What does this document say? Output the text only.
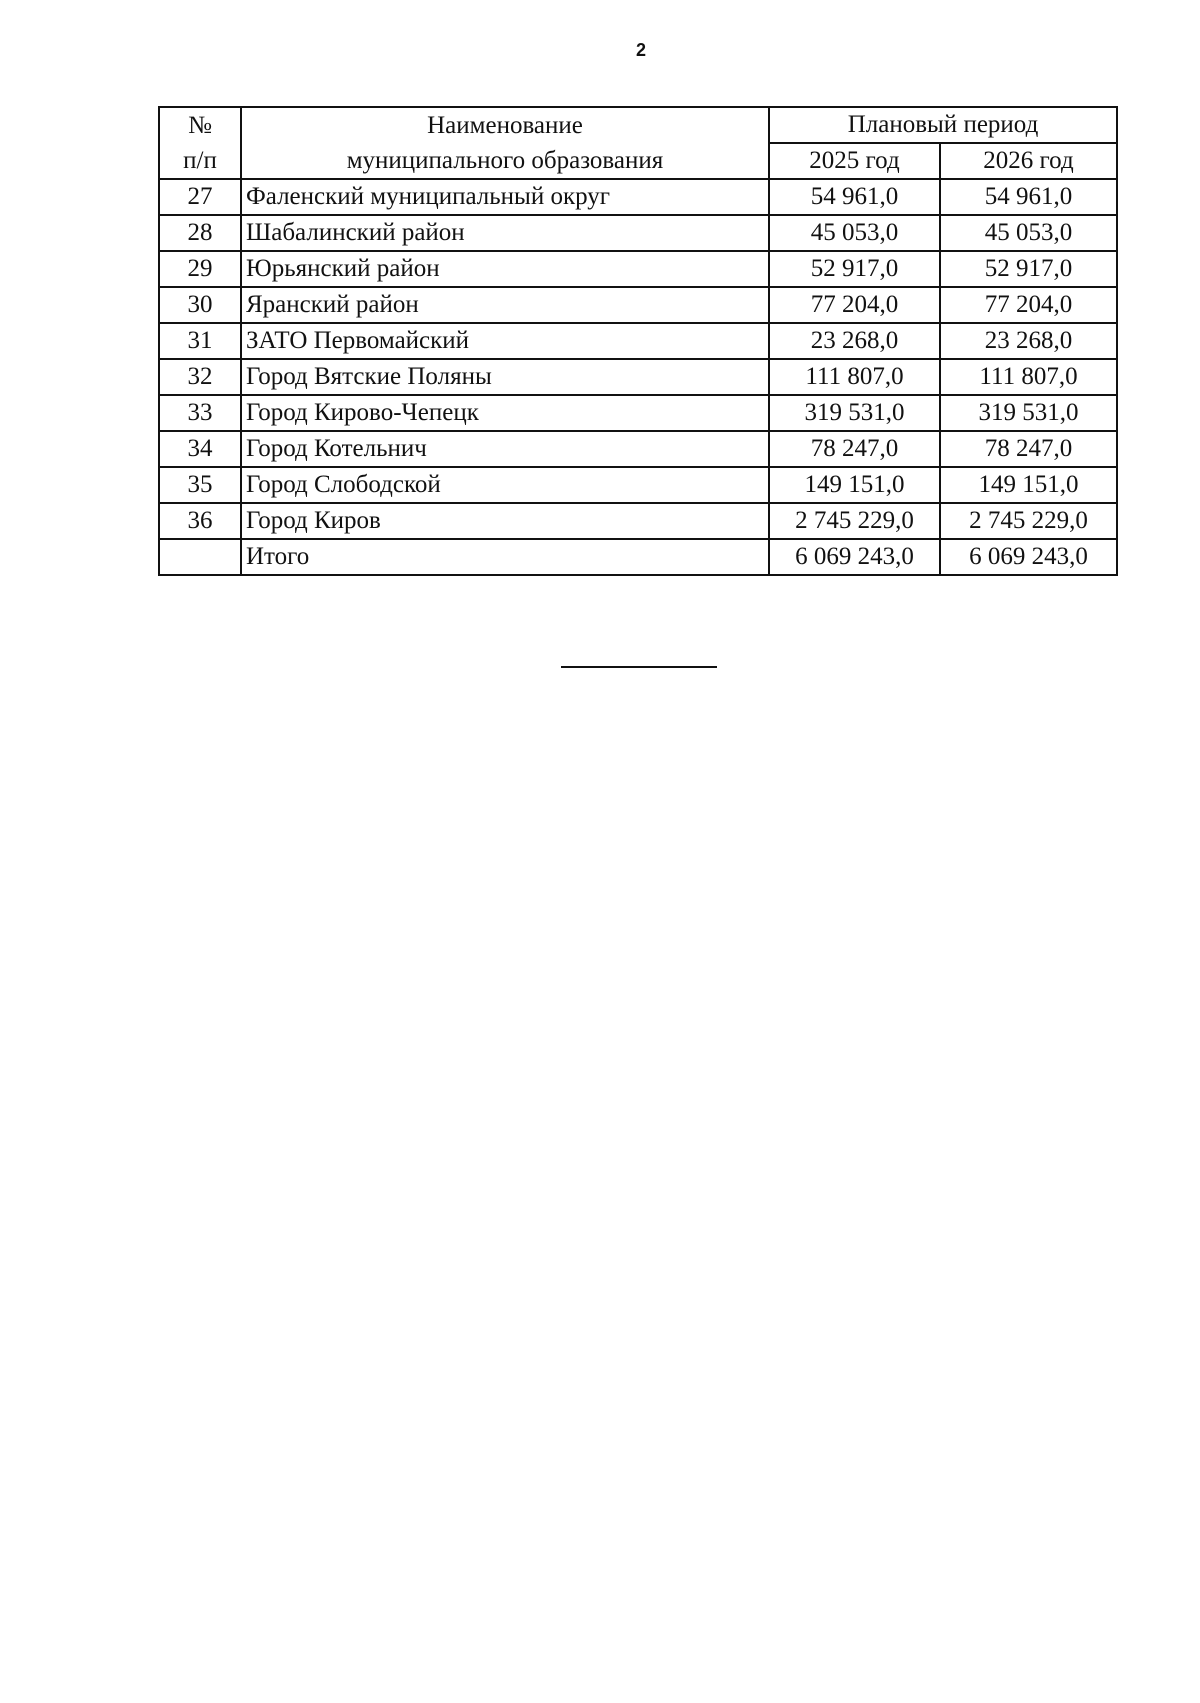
2
№	Наименование	Плановый период	
п/п	муниципального образования	2025 год	2026 год
27	Фаленский муниципальный округ	54 961,0	54 961,0
28	Шабалинский район	45 053,0	45 053,0
29	Юрьянский район	52 917,0	52 917,0
30	Яранский район	77 204,0	77 204,0
31	ЗАТО Первомайский	23 268,0	23 268,0
32	Город Вятские Поляны	111 807,0	111 807,0
33	Город Кирово-Чепецк	319 531,0	319 531,0
34	Город Котельнич	78 247,0	78 247,0
35	Город Слободской	149 151,0	149 151,0
36	Город Киров	2 745 229,0	2 745 229,0
	Итого	6 069 243,0	6 069 243,0
